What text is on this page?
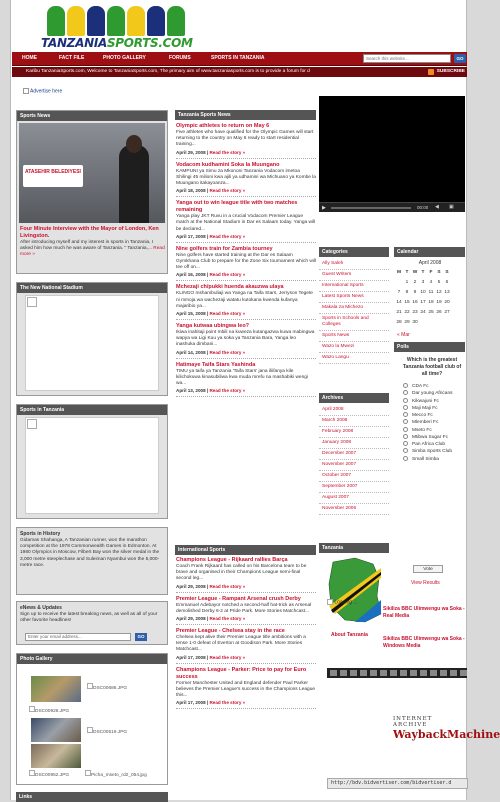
TANZANIASPORTS.COM
HOME	FACT FILE	PHOTO GALLERY	FORUMS	SPORTS IN TANZANIA	Search this website...	GO
Karibu TanzaniaSports.com, Welcome to TanzaniaSports.com, The primary aim of www.tanzaniasports.com is to provide a forum for d	SUBSCRIBE
Advertise here
Sports News
ATASEHIR BELEDIYESI
Four Minute Interview with the Mayor of London, Ken Livingston.
After introducing myself and my interest in sports in Tanzania, I asked him how much he was aware of Tanzania. " Tanzania,... Read more »
The New National Stadium
Sports in Tanzania
Sports in History
Gidamas Shahanga, A Tanzanian runner, won the marathon competition at the 1978 Commonwealth Games in Edmonton. At 1980 Olympics in Moscow, Filbert Bay won the silver medal in the 3,000 metre steeplechase and Suleiman Nyambui won the 5,000-metre race.
eNews & Updates
Sign up to receive the latest breaking news, as well as all of your other favorite headlines!
Enter your email address...	GO
Photo Gallery
DSC00686.JPG
DSC00926.JPG
DSC00519.JPG
DSC00952.JPG	Picha_mseto_rd2_054.jpg
Links
Tanzania Sports News
Olympic athletes to return on May 6
Five athletes who have qualified for the Olympic Games will start returning to the country on May 6 ready to start residential training...
April 29, 2008 | Read the story »
Vodacom kudhamini Soka la Muungano
KAMPUNI ya Simu za Mkononi Tanzania Vodacom imetoa Shilingi 45 milioni kwa ajili ya udhamini wa Michuano ya Kombe la Muungano itakayoanza...
April 18, 2008 | Read the story »
Yanga out to win league title with two matches remaining
Yanga play JKT Ruvu in a crucial Vodacom Premier League match at the National Stadium in Dar es Salaam today. Yanga will be declared...
April 17, 2008 | Read the story »
Nine golfers train for Zambia tourney
Nine golfers have started training at the Dar es Salaam Gymkhana Club to prepare for the Zone Six tournament which will tee off on...
April 16, 2008 | Read the story »
Mchezaji ch/pukki huenda akauzwa ulaya
KLINGO mshambuliaji wa Yanga na Taifa Stars, Jerryson Tegete ni mmoja wa wachezaji watatu kutokana kwenda kufanya majaribio ya...
April 15, 2008 | Read the story »
Yanga kutwaa ubingwa leo?
Ikiwa inahitaji point mbili na kuweza kutangazwa kuwa mabingwa wapya wa Ligi Kuu ya soka ya Tanzania Bara, Yanga leo inashuka dimbani...
April 14, 2008 | Read the story »
Hatimaye Taifa Stars Yashinda
TIMU ya taifa ya Tanzania 'Taifa Stars' jana iliifanya kile kilichokuwa kinasubiliwa kwa muda mrefu na mashabiki wengi wa...
April 13, 2008 | Read the story »
International Sports
Champions League - Rijkaard rallies Barça
Coach Frank Rijkaard has called on his Barcelona team to be brave and organised in their Champions League semi-final second leg...
April 29, 2008 | Read the story »
Premier League - Rampant Arsenal crush Derby
Emmanuel Adebayor notched a second-half hat-trick as Arsenal demolished Derby 6-2 at Pride Park. More Stories Matchcast...
April 29, 2008 | Read the story »
Premier League - Chelsea stay in the race
Chelsea kept alive their Premier League title ambitions with a tense 1-0 defeat of Everton at Goodison Park. More Stories Matchcast...
April 17, 2008 | Read the story »
Champions League - Parker: Price to pay for Euro success
Former Manchester United and England defender Paul Parker believes the Premier League's success in the Champions League this...
April 17, 2008 | Read the story »
▶	00:00 ◀ ▣
Categories
Ally Saleh
Guest Writers
International Sports
Latest Sports News
Makala za Michezo
Sports in Schools and Colleges
Sports News
Wazo la Mwezi
Wazo Langu
Archives
April 2008
March 2008
February 2008
January 2008
December 2007
November 2007
October 2007
September 2007
August 2007
November 2006
Tanzania
About Tanzania
Calendar
April 2008
M	T	W	T	F	S	S
	1	2	3	4	5	6
7	8	9	10	11	12	13
14	15	16	17	18	19	20
21	22	23	24	25	26	27
28	29	30				
« Mar
Polls
Which is the greatest Tanzania football club of all time?
CDA Fc
Dar young Africans
Kikwajuni Fc
Maji Maji Fc
Mecco Fc
Mlemberi Fc
Mseto Fc
Mtibwa Sugar Fc
Pan Africa Club
Simba Sports Club
Small Simba
Vote
View Results
Loading ...
Sikiliza BBC Ulimwengu wa Soka - Real Media
Sikiliza BBC Ulimwengu wa Soka - Windows Media
INTERNET ARCHIVE
WaybackMachine
http://bdv.bidvertiser.com/bidvertiser.d
